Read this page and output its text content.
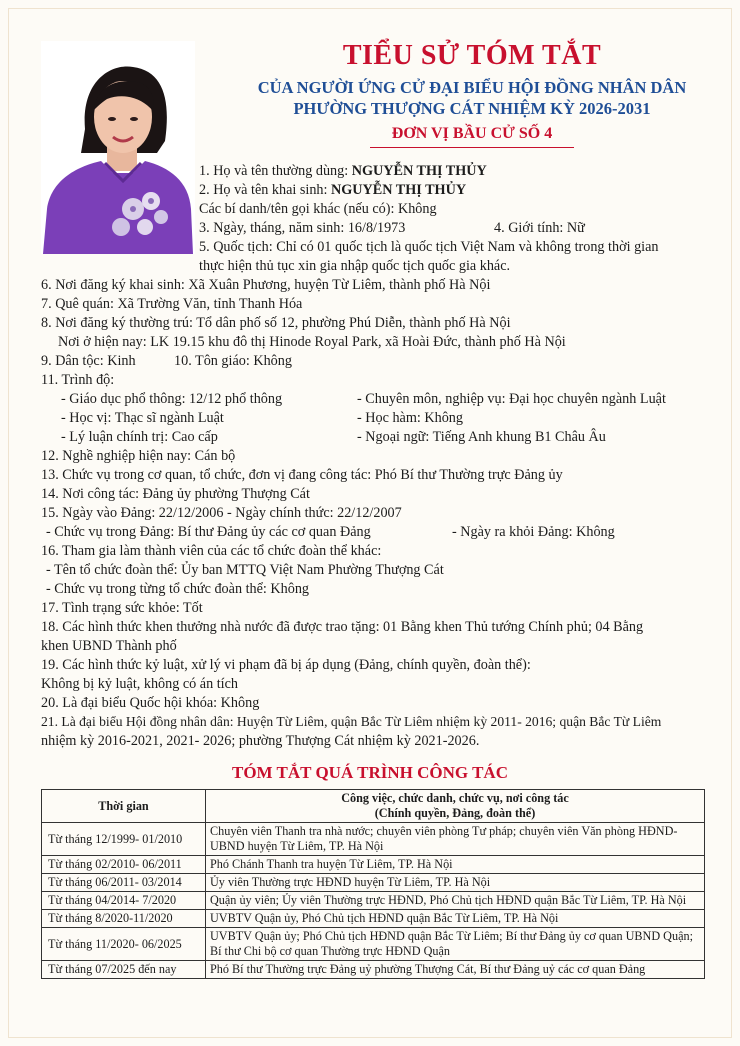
TIỂU SỬ TÓM TẮT
CỦA NGƯỜI ỨNG CỬ ĐẠI BIỂU HỘI ĐỒNG NHÂN DÂN
PHƯỜNG THƯỢNG CÁT NHIỆM KỲ 2026-2031
ĐƠN VỊ BẦU CỬ SỐ 4
1. Họ và tên thường dùng: NGUYỄN THỊ THỦY
2. Họ và tên khai sinh: NGUYỄN THỊ THỦY
Các bí danh/tên gọi khác (nếu có): Không
3. Ngày, tháng, năm sinh: 16/8/1973	4. Giới tính: Nữ
5. Quốc tịch: Chỉ có 01 quốc tịch là quốc tịch Việt Nam và không trong thời gian
thực hiện thủ tục xin gia nhập quốc tịch quốc gia khác.
6. Nơi đăng ký khai sinh: Xã Xuân Phương, huyện Từ Liêm, thành phố Hà Nội
7. Quê quán: Xã Trường Văn, tỉnh Thanh Hóa
8. Nơi đăng ký thường trú: Tổ dân phố số 12, phường Phú Diễn, thành phố Hà Nội
Nơi ở hiện nay: LK 19.15 khu đô thị Hinode Royal Park, xã Hoài Đức, thành phố Hà Nội
9. Dân tộc: Kinh	10. Tôn giáo: Không
11. Trình độ:
- Giáo dục phổ thông: 12/12 phổ thông	- Chuyên môn, nghiệp vụ: Đại học chuyên ngành Luật
- Học vị: Thạc sĩ ngành Luật	- Học hàm: Không
- Lý luận chính trị: Cao cấp	- Ngoại ngữ: Tiếng Anh khung B1 Châu Âu
12. Nghề nghiệp hiện nay: Cán bộ
13. Chức vụ trong cơ quan, tổ chức, đơn vị đang công tác: Phó Bí thư Thường trực Đảng ủy
14. Nơi công tác: Đảng ủy phường Thượng Cát
15. Ngày vào Đảng: 22/12/2006 - Ngày chính thức: 22/12/2007
- Chức vụ trong Đảng: Bí thư Đảng ủy các cơ quan Đảng	- Ngày ra khỏi Đảng: Không
16. Tham gia làm thành viên của các tổ chức đoàn thể khác:
- Tên tổ chức đoàn thể: Ủy ban MTTQ Việt Nam Phường Thượng Cát
- Chức vụ trong từng tổ chức đoàn thể: Không
17. Tình trạng sức khỏe: Tốt
18. Các hình thức khen thưởng nhà nước đã được trao tặng: 01 Bằng khen Thủ tướng Chính phủ; 04 Bằng
khen UBND Thành phố
19. Các hình thức kỷ luật, xử lý vi phạm đã bị áp dụng (Đảng, chính quyền, đoàn thể):
Không bị kỷ luật, không có án tích
20. Là đại biểu Quốc hội khóa: Không
21. Là đại biểu Hội đồng nhân dân: Huyện Từ Liêm, quận Bắc Từ Liêm nhiệm kỳ 2011- 2016; quận Bắc Từ Liêm
nhiệm kỳ 2016-2021, 2021- 2026; phường Thượng Cát nhiệm kỳ 2021-2026.
TÓM TẮT QUÁ TRÌNH CÔNG TÁC
Thời gian	Công việc, chức danh, chức vụ, nơi công tác
(Chính quyền, Đảng, đoàn thể)

Từ tháng 12/1999- 01/2010	Chuyên viên Thanh tra nhà nước; chuyên viên phòng Tư pháp; chuyên viên Văn phòng HĐND-UBND huyện Từ Liêm, TP. Hà Nội
Từ tháng 02/2010- 06/2011	Phó Chánh Thanh tra huyện Từ Liêm, TP. Hà Nội
Từ tháng 06/2011- 03/2014	Ủy viên Thường trực HĐND huyện Từ Liêm, TP. Hà Nội
Từ tháng 04/2014- 7/2020	Quận ủy viên; Ủy viên Thường trực HĐND, Phó Chủ tịch HĐND quận Bắc Từ Liêm, TP. Hà Nội
Từ tháng 8/2020-11/2020	UVBTV Quận ủy, Phó Chủ tịch HĐND quận Bắc Từ Liêm, TP. Hà Nội
Từ tháng 11/2020- 06/2025	UVBTV Quận ủy; Phó Chủ tịch HĐND quận Bắc Từ Liêm; Bí thư Đảng ủy cơ quan UBND Quận; Bí thư Chi bộ cơ quan Thường trực HĐND Quận
Từ tháng 07/2025 đến nay	Phó Bí thư Thường trực Đảng uỷ phường Thượng Cát, Bí thư Đảng uỷ các cơ quan Đảng
